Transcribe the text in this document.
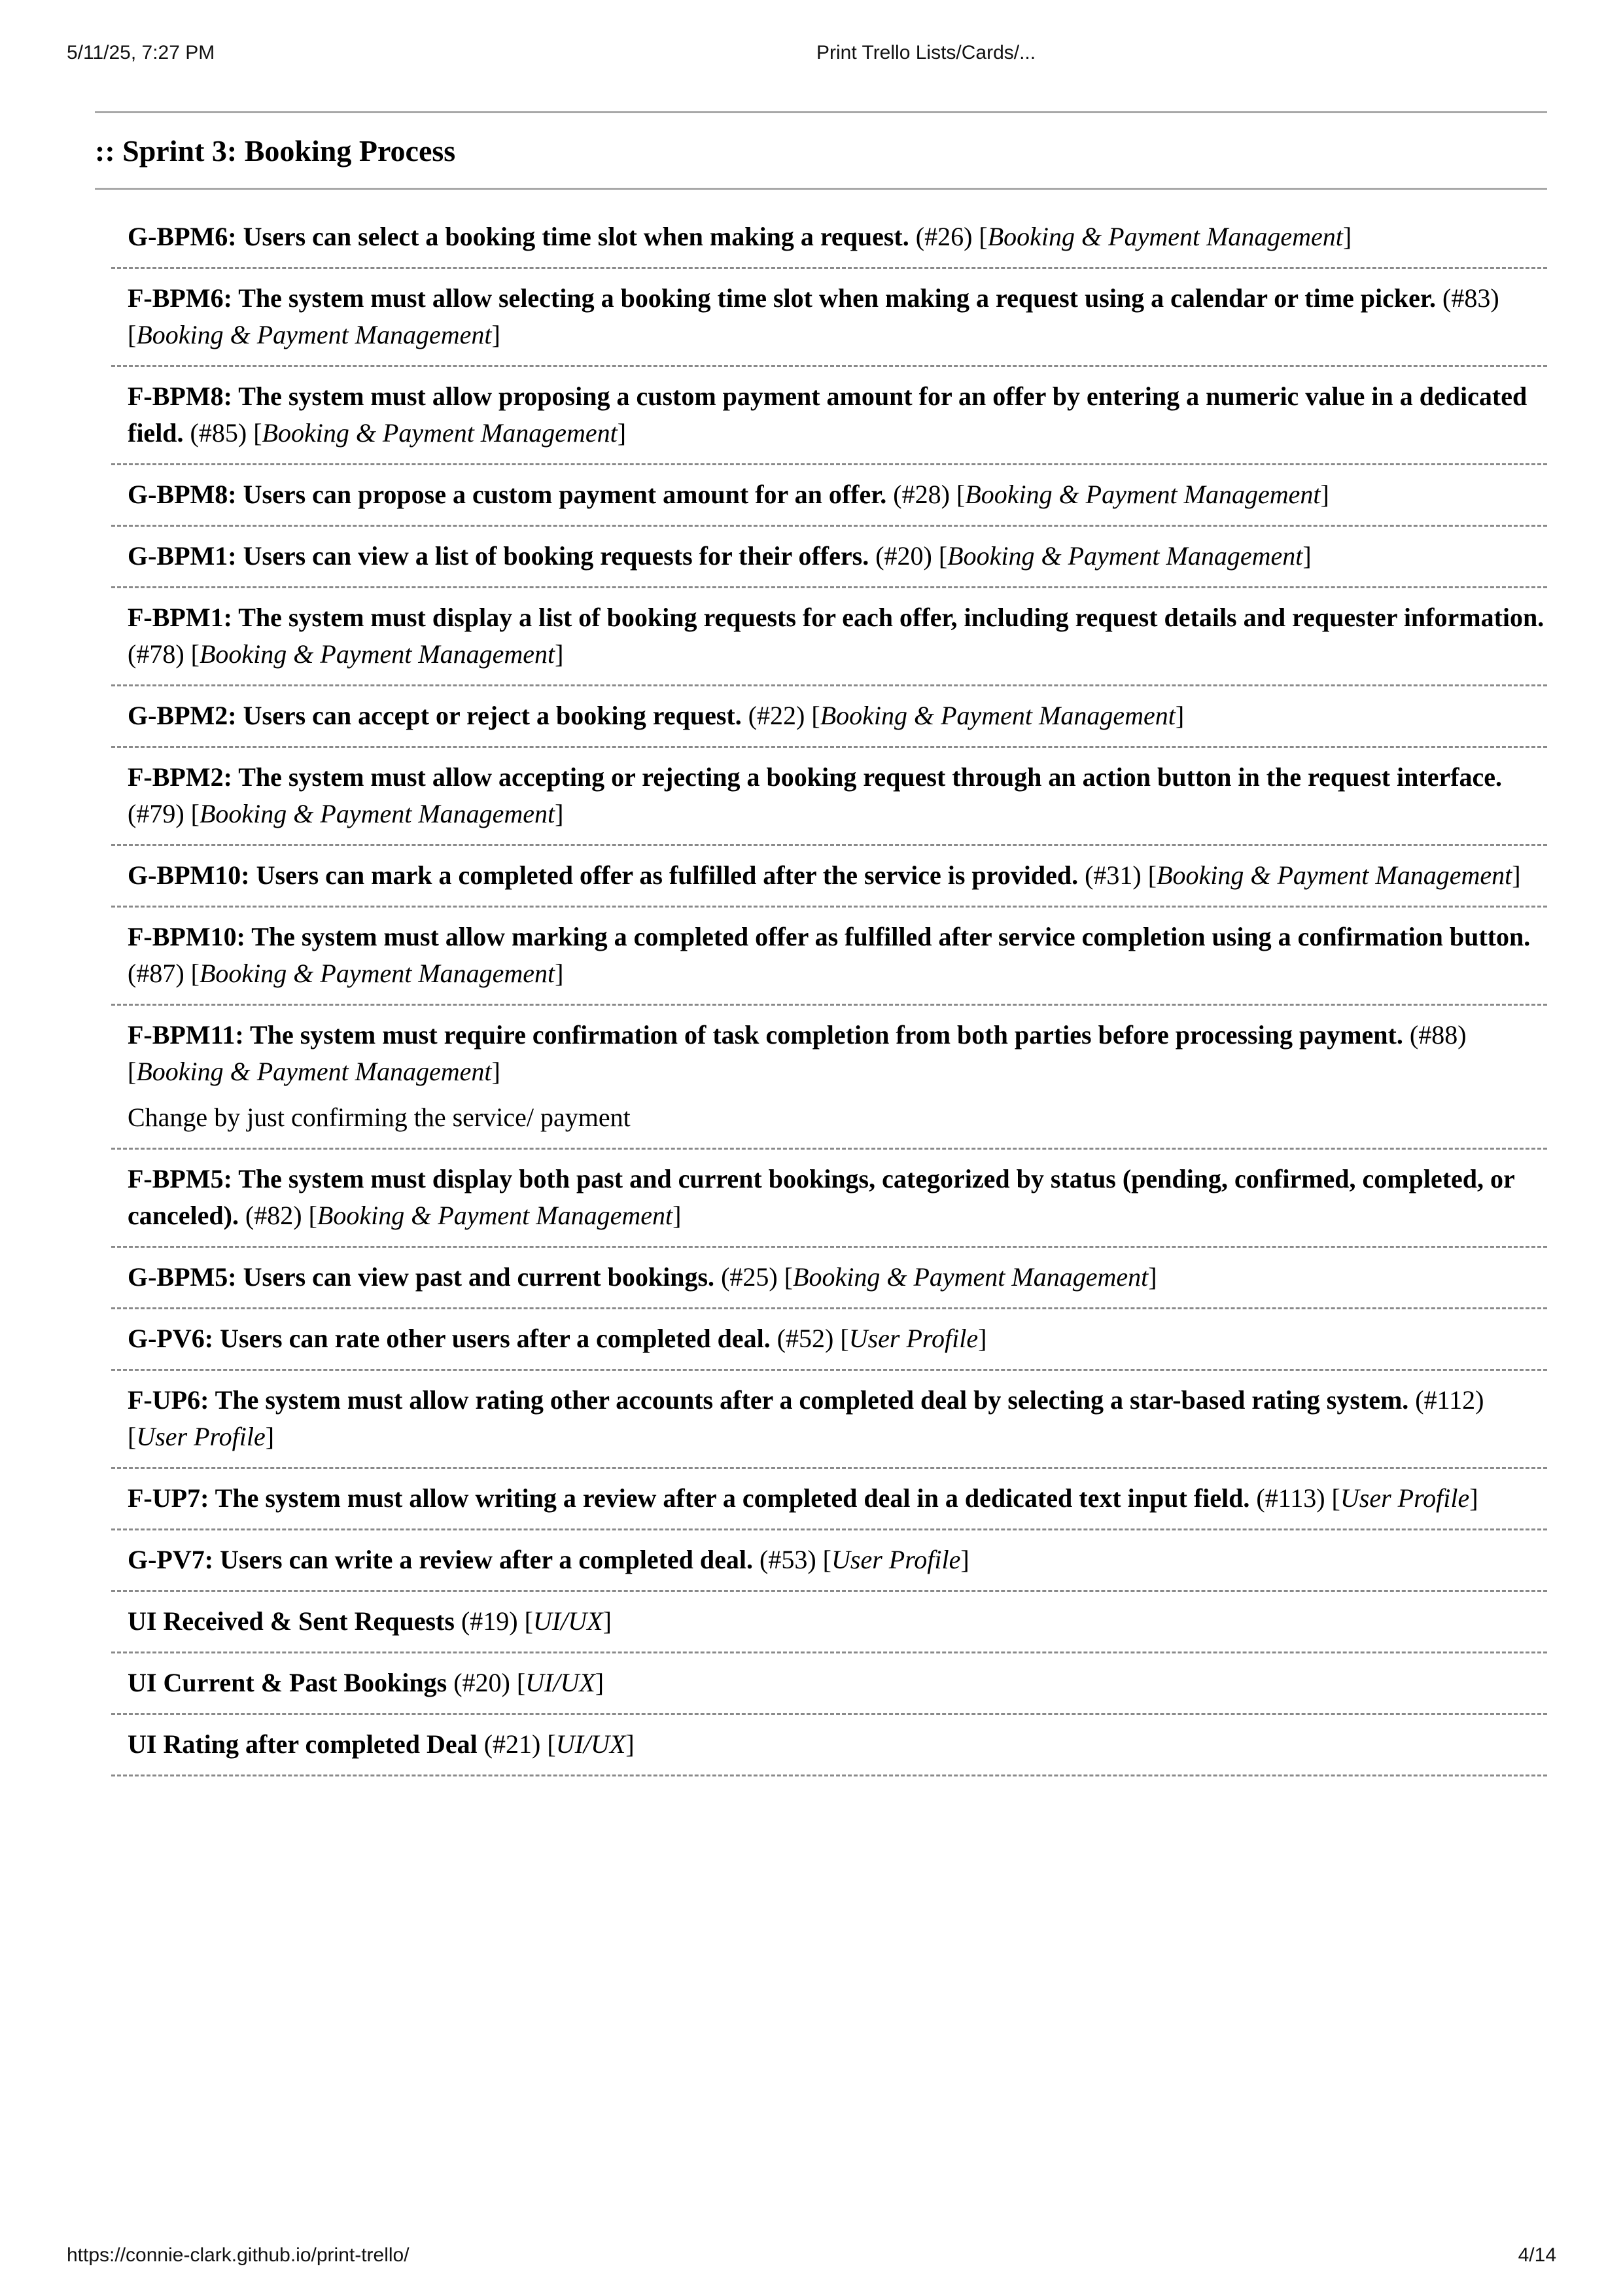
5/11/25, 7:27 PM	Print Trello Lists/Cards/...
:: Sprint 3: Booking Process
G-BPM6: Users can select a booking time slot when making a request. (#26) [Booking & Payment Management]
F-BPM6: The system must allow selecting a booking time slot when making a request using a calendar or time picker. (#83) [Booking & Payment Management]
F-BPM8: The system must allow proposing a custom payment amount for an offer by entering a numeric value in a dedicated field. (#85) [Booking & Payment Management]
G-BPM8: Users can propose a custom payment amount for an offer. (#28) [Booking & Payment Management]
G-BPM1: Users can view a list of booking requests for their offers. (#20) [Booking & Payment Management]
F-BPM1: The system must display a list of booking requests for each offer, including request details and requester information. (#78) [Booking & Payment Management]
G-BPM2: Users can accept or reject a booking request. (#22) [Booking & Payment Management]
F-BPM2: The system must allow accepting or rejecting a booking request through an action button in the request interface. (#79) [Booking & Payment Management]
G-BPM10: Users can mark a completed offer as fulfilled after the service is provided. (#31) [Booking & Payment Management]
F-BPM10: The system must allow marking a completed offer as fulfilled after service completion using a confirmation button. (#87) [Booking & Payment Management]
F-BPM11: The system must require confirmation of task completion from both parties before processing payment. (#88) [Booking & Payment Management]
Change by just confirming the service/ payment
F-BPM5: The system must display both past and current bookings, categorized by status (pending, confirmed, completed, or canceled). (#82) [Booking & Payment Management]
G-BPM5: Users can view past and current bookings. (#25) [Booking & Payment Management]
G-PV6: Users can rate other users after a completed deal. (#52) [User Profile]
F-UP6: The system must allow rating other accounts after a completed deal by selecting a star-based rating system. (#112) [User Profile]
F-UP7: The system must allow writing a review after a completed deal in a dedicated text input field. (#113) [User Profile]
G-PV7: Users can write a review after a completed deal. (#53) [User Profile]
UI Received & Sent Requests (#19) [UI/UX]
UI Current & Past Bookings (#20) [UI/UX]
UI Rating after completed Deal (#21) [UI/UX]
https://connie-clark.github.io/print-trello/	4/14
